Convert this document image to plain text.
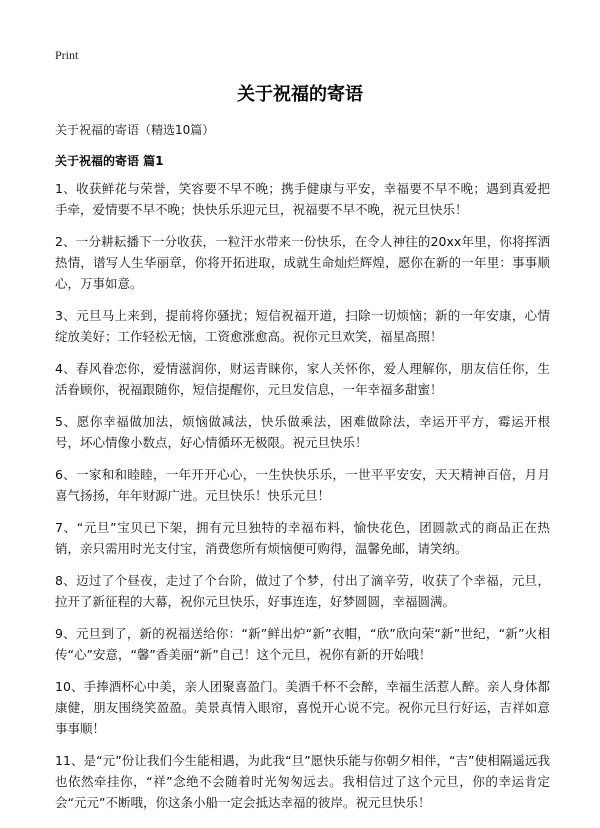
Print
关于祝福的寄语
关于祝福的寄语（精选10篇）
关于祝福的寄语 篇1

1、收获鲜花与荣誉，笑容要不早不晚；携手健康与平安，幸福要不早不晚；遇到真爱把手牵，爱情要不早不晚；快快乐乐迎元旦，祝福要不早不晚，祝元旦快乐！

2、一分耕耘播下一分收获，一粒汗水带来一份快乐，在令人神往的20xx年里，你将挥洒热情，谱写人生华丽章，你将开拓进取，成就生命灿烂辉煌，愿你在新的一年里：事事顺心，万事如意。

3、元旦马上来到，提前将你骚扰；短信祝福开道，扫除一切烦恼；新的一年安康，心情绽放美好；工作轻松无恼，工资愈涨愈高。祝你元旦欢笑，福星高照！

4、春风眷恋你，爱情滋润你，财运青睐你，家人关怀你，爱人理解你，朋友信任你，生活眷顾你，祝福跟随你，短信提醒你，元旦发信息，一年幸福多甜蜜！

5、愿你幸福做加法，烦恼做减法，快乐做乘法，困难做除法，幸运开平方，霉运开根号，坏心情像小数点，好心情循环无极限。祝元旦快乐！

6、一家和和睦睦，一年开开心心，一生快快乐乐，一世平平安安，天天精神百倍，月月喜气扬扬，年年财源广进。元旦快乐！快乐元旦！

7、“元旦”宝贝已下架，拥有元旦独特的幸福布料，愉快花色，团圆款式的商品正在热销，亲只需用时光支付宝，消费您所有烦恼便可购得，温馨免邮，请笑纳。

8、迈过了个昼夜，走过了个台阶，做过了个梦，付出了滴辛劳，收获了个幸福，元旦，拉开了新征程的大幕，祝你元旦快乐，好事连连，好梦圆圆，幸福圆满。

9、元旦到了，新的祝福送给你：“新”鲜出炉“新”衣帽，“欣”欣向荣“新”世纪，“新”火相传“心”安意，“馨”香美丽“新”自己！这个元旦，祝你有新的开始哦！

10、手捧酒杯心中美，亲人团聚喜盈门。美酒千杯不会醉，幸福生活惹人醉。亲人身体都康健，朋友围绕笑盈盈。美景真情入眼帘，喜悦开心说不完。祝你元旦行好运，吉祥如意事事顺！

11、是“元”份让我们今生能相遇，为此我“旦”愿快乐能与你朝夕相伴，“吉”使相隔遥远我也依然牵挂你，“祥”念绝不会随着时光匆匆远去。我相信过了这个元旦，你的幸运肯定会“元元”不断哦，你这条小船一定会抵达幸福的彼岸。祝元旦快乐！
